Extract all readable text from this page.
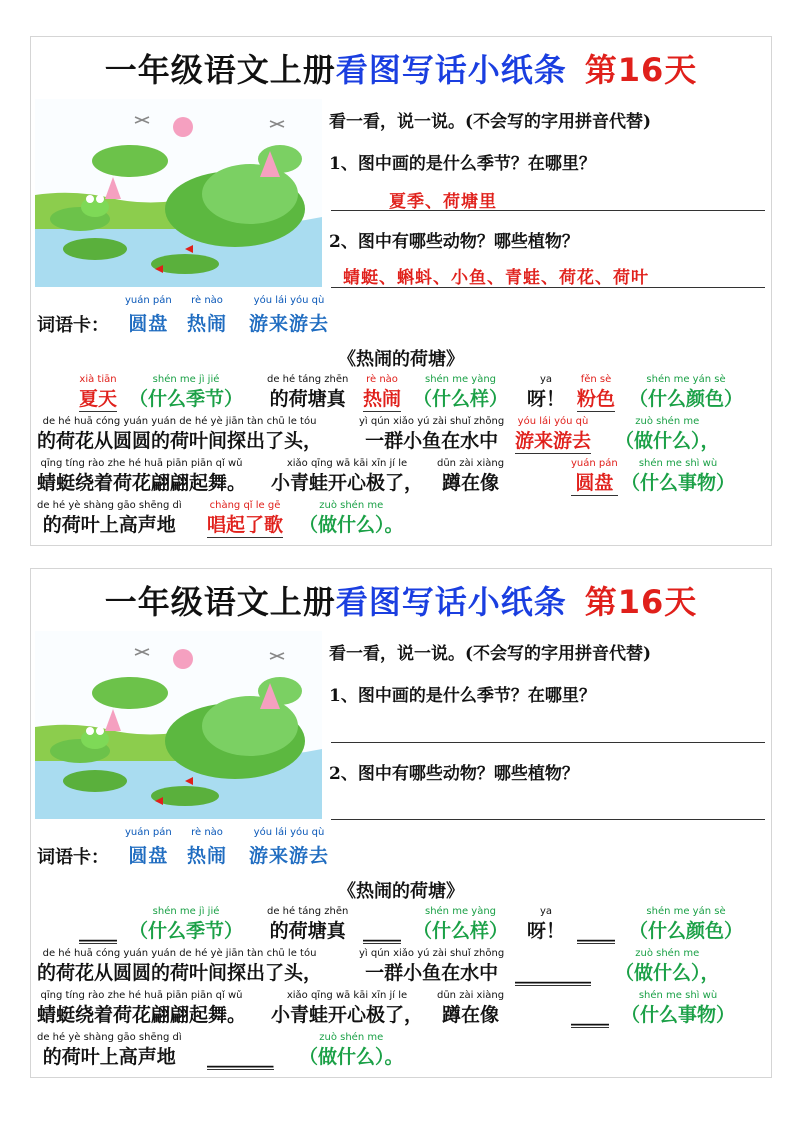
一年级语文上册看图写话小纸条 第16天
看一看，说一说。(不会写的字用拼音代替)
1、图中画的是什么季节？在哪里？
夏季、荷塘里
2、图中有哪些动物？哪些植物？
蜻蜓、蝌蚪、小鱼、青蛙、荷花、荷叶
词语卡：
yuán pán
圆盘
rè nào
热闹
yóu lái yóu qù
游来游去
《热闹的荷塘》
xià tiān
夏天
shén me jì jié
（什么季节）
de hé táng zhēn
的荷塘真
rè nào
热闹
shén me yàng
（什么样）
ya
呀！
fěn sè
粉色
shén me yán sè
（什么颜色）
de hé huā cóng yuán yuán de hé yè jiān tàn chū le tóu
的荷花从圆圆的荷叶间探出了头，
yì qún xiǎo yú zài shuǐ zhōng
一群小鱼在水中
yóu lái yóu qù
游来游去
zuò shén me
（做什么），
qīng tíng rào zhe hé huā piān piān qǐ wǔ
蜻蜓绕着荷花翩翩起舞。
xiǎo qīng wā kāi xīn jí le
小青蛙开心极了，
dūn zài xiàng
蹲在像
yuán pán
圆盘
shén me shì wù
（什么事物）
de hé yè shàng gāo shēng dì
的荷叶上高声地
chàng qǐ le gē
唱起了歌
zuò shén me
（做什么）。
一年级语文上册看图写话小纸条 第16天
看一看，说一说。(不会写的字用拼音代替)
1、图中画的是什么季节？在哪里？
2、图中有哪些动物？哪些植物？
词语卡：
yuán pán
圆盘
rè nào
热闹
yóu lái yóu qù
游来游去
《热闹的荷塘》
____
shén me jì jié
（什么季节）
de hé táng zhēn
的荷塘真 ____
shén me yàng
（什么样）
ya
呀！ ____
shén me yán sè
（什么颜色）
de hé huā cóng yuán yuán de hé yè jiān tàn chū le tóu
的荷花从圆圆的荷叶间探出了头，
yì qún xiǎo yú zài shuǐ zhōng
一群小鱼在水中 ________
zuò shén me
（做什么），
qīng tíng rào zhe hé huā piān piān qǐ wǔ
蜻蜓绕着荷花翩翩起舞。
xiǎo qīng wā kāi xīn jí le
小青蛙开心极了，
dūn zài xiàng
蹲在像	____
shén me shì wù
（什么事物）
de hé yè shàng gāo shēng dì
的荷叶上高声地	_______
zuò shén me
（做什么）。
